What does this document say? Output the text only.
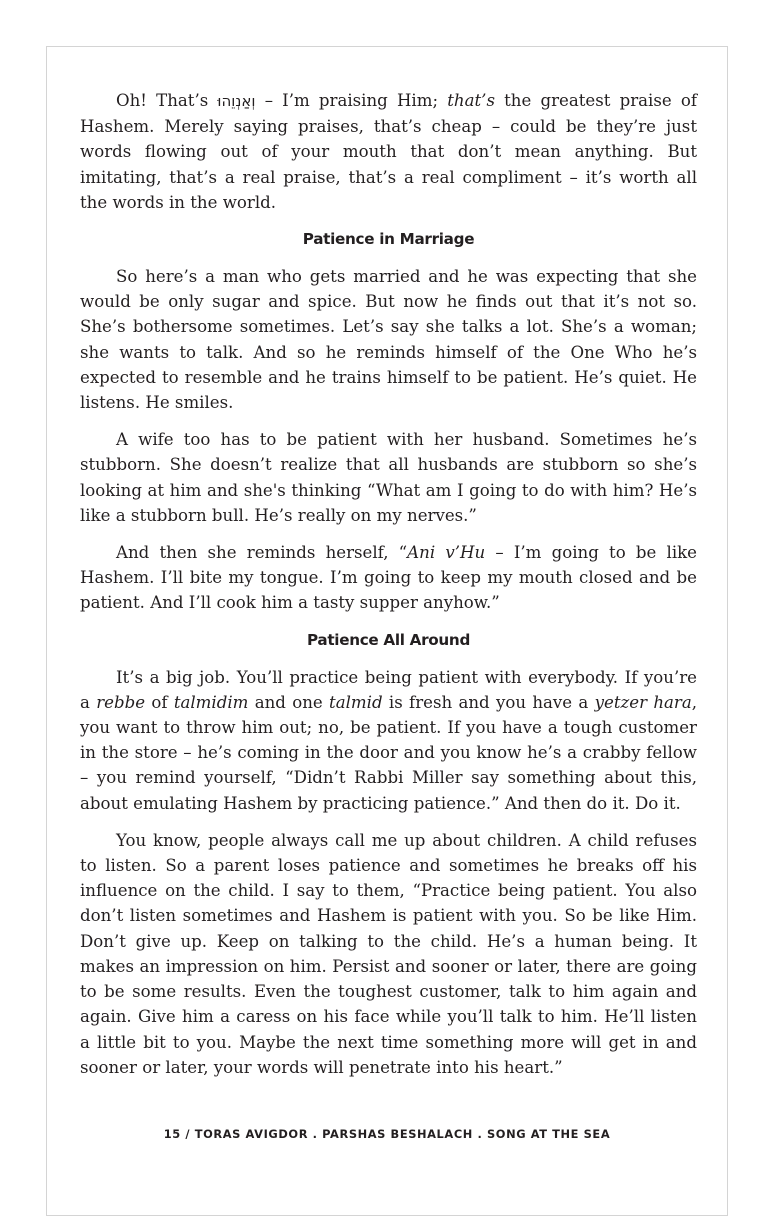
Oh! That’s וְאַנְוֵהוּ – I’m praising Him; that’s the greatest praise of Hashem. Merely saying praises, that’s cheap – could be they’re just words flowing out of your mouth that don’t mean anything. But imitating, that’s a real praise, that’s a real compliment – it’s worth all the words in the world.

Patience in Marriage

So here’s a man who gets married and he was expecting that she would be only sugar and spice. But now he finds out that it’s not so. She’s bothersome sometimes. Let’s say she talks a lot. She’s a woman; she wants to talk. And so he reminds himself of the One Who he’s expected to resemble and he trains himself to be patient. He’s quiet. He listens. He smiles.

A wife too has to be patient with her husband. Sometimes he’s stubborn. She doesn’t realize that all husbands are stubborn so she’s looking at him and she's thinking “What am I going to do with him? He’s like a stubborn bull. He’s really on my nerves.”

And then she reminds herself, “Ani v’Hu – I’m going to be like Hashem. I’ll bite my tongue. I’m going to keep my mouth closed and be patient. And I’ll cook him a tasty supper anyhow.”

Patience All Around

It’s a big job. You’ll practice being patient with everybody. If you’re a rebbe of talmidim and one talmid is fresh and you have a yetzer hara, you want to throw him out; no, be patient. If you have a tough customer in the store – he’s coming in the door and you know he’s a crabby fellow – you remind yourself, “Didn’t Rabbi Miller say something about this, about emulating Hashem by practicing patience.” And then do it. Do it.

You know, people always call me up about children. A child refuses to listen. So a parent loses patience and sometimes he breaks off his influence on the child. I say to them, “Practice being patient. You also don’t listen sometimes and Hashem is patient with you. So be like Him. Don’t give up. Keep on talking to the child. He’s a human being. It makes an impression on him. Persist and sooner or later, there are going to be some results. Even the toughest customer, talk to him again and again. Give him a caress on his face while you’ll talk to him. He’ll listen a little bit to you. Maybe the next time something more will get in and sooner or later, your words will penetrate into his heart.”

15 / TORAS AVIGDOR . PARSHAS BESHALACH . SONG AT THE SEA
